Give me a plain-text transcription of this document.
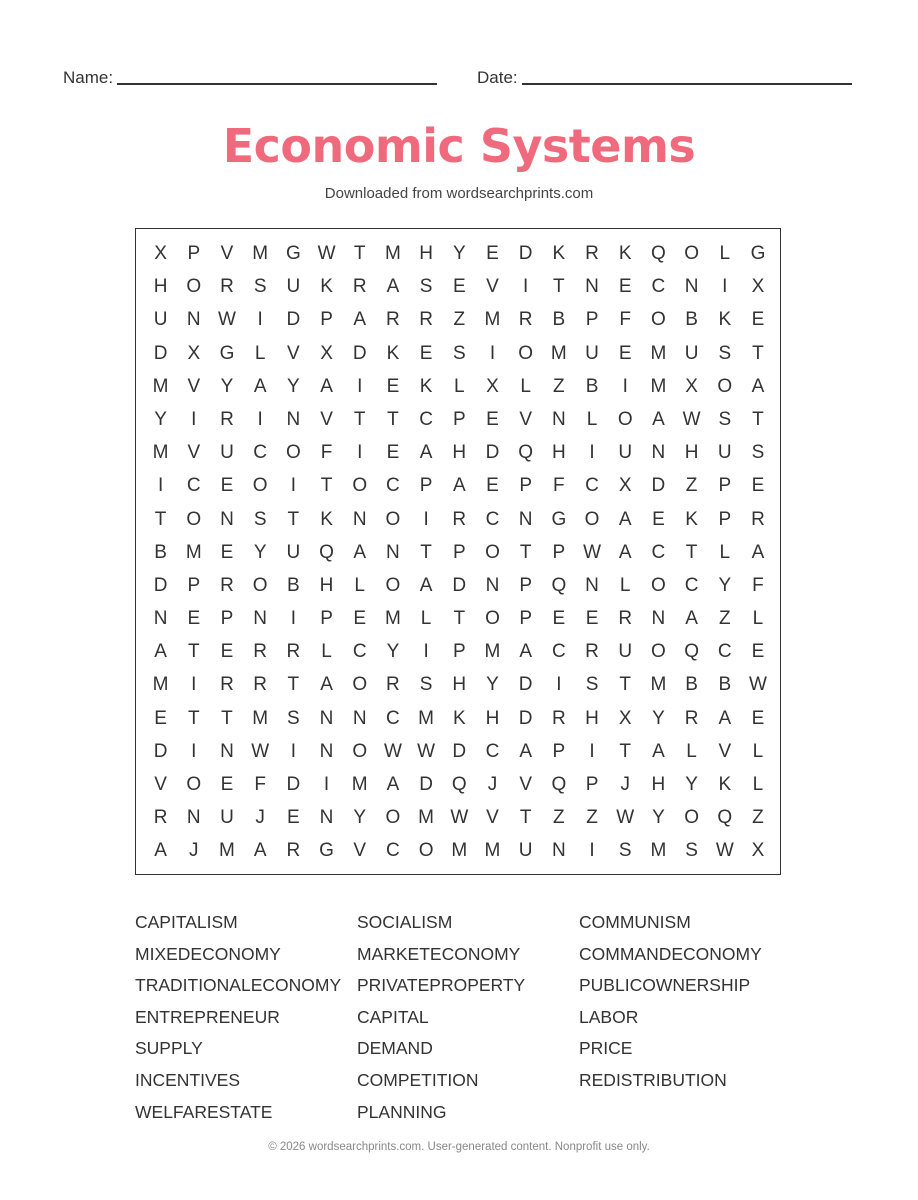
Name:	Date:
Economic Systems
Downloaded from wordsearchprints.com
X	P	V M G W T	M H	Y	E	D	K	R	K	Q O	L	G
H O R	S	U	K	R	A	S	E	V	I	T	N	E	C	N	I	X
U	N W	I	D	P	A	R	R	Z	M R	B	P	F	O	B	K	E
D	X	G	L	V	X	D	K	E	S	I	O M U	E M U	S	T
M V	Y	A	Y	A	I	E	K	L	X	L	Z	B	I	M X	O	A
Y	I	R	I	N	V	T	T	C	P	E	V	N	L	O	A W S	T
M V	U	C O	F	I	E	A	H	D Q H	I	U	N	H	U	S
I	C	E	O	I	T	O C	P	A	E	P	F	C	X	D	Z	P	E
T	O N	S	T	K	N O	I	R	C	N G O	A	E	K	P	R
B M E	Y	U Q	A	N	T	P	O	T	P W A	C	T	L	A
D	P	R O	B	H	L	O	A	D	N	P	Q N	L	O C	Y	F
N	E	P	N	I	P	E M	L	T	O	P	E	E	R	N	A	Z	L
A	T	E	R	R	L	C	Y	I	P M A	C	R	U O Q C	E
M	I	R	R	T	A	O R	S	H	Y	D	I	S	T	M B	B W
E	T	T	M S	N	N	C M K	H	D	R	H	X	Y	R	A	E
D	I	N W	I	N O W W D	C	A	P	I	T	A	L	V	L
V	O	E	F	D	I	M A	D Q	J	V	Q	P	J	H	Y	K	L
R	N	U	J	E	N	Y	O M W V	T	Z	Z W Y	O Q	Z
A	J	M A	R G	V	C O M M U	N	I	S M S W X
CAPITALISM	SOCIALISM	COMMUNISM
MIXEDECONOMY	MARKETECONOMY	COMMANDECONOMY
TRADITIONALECONOMY PRIVATEPROPERTY	PUBLICOWNERSHIP
ENTREPRENEUR	CAPITAL	LABOR
SUPPLY	DEMAND	PRICE
INCENTIVES	COMPETITION	REDISTRIBUTION
WELFARESTATE	PLANNING
© 2026 wordsearchprints.com. User-generated content. Nonprofit use only.
